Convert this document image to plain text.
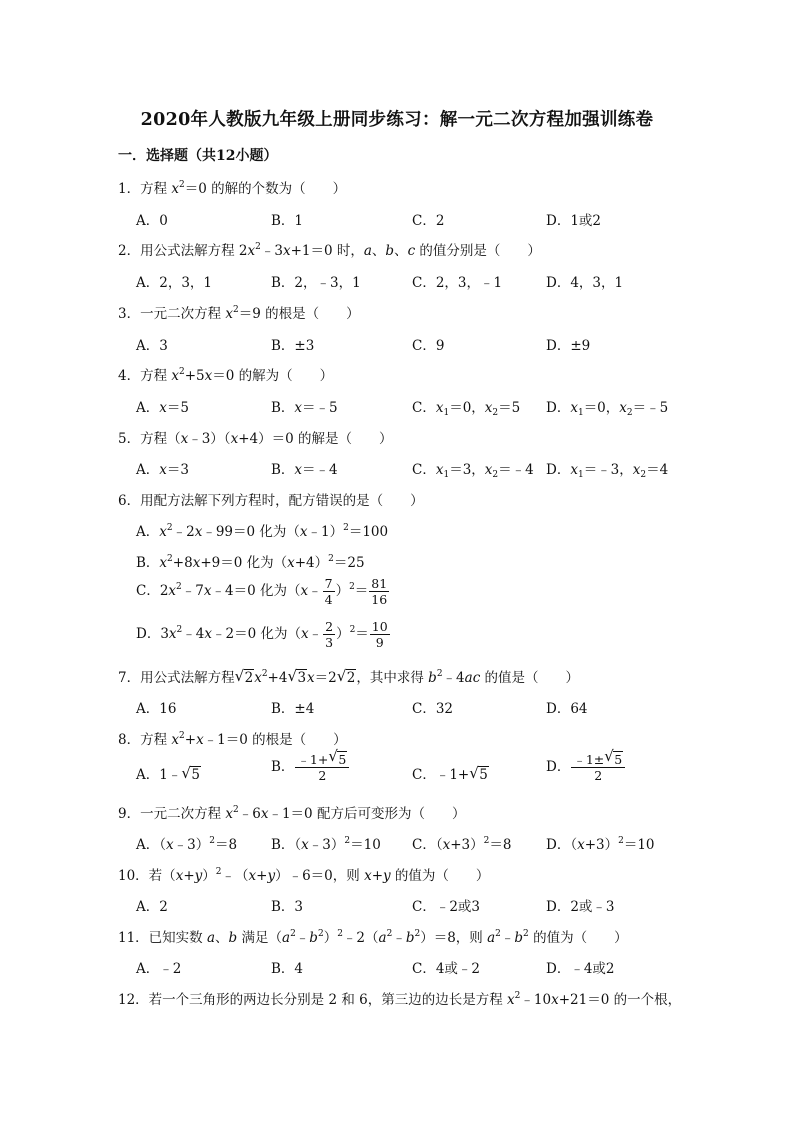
2020年人教版九年级上册同步练习：解一元二次方程加强训练卷
一．选择题（共12小题）
1．方程 $x^2=0$ 的解的个数为（　　）
A．0	B．1	C．2	D．1或2
2．用公式法解方程 $2x^2﹣3x+1=0$ 时，a、b、c 的值分别是（　　）
A．2，3，1	B．2，﹣3，1	C．2，3，﹣1	D．4，3，1
3．一元二次方程 $x^2=9$ 的根是（　　）
A．3	B．±3	C．9	D．±9
4．方程 $x^2+5x=0$ 的解为（　　）
A．x＝5	B．x＝﹣5	C．$x_1=0$，$x_2=5$ D．$x_1=0$，$x_2=﹣5$
5．方程（x﹣3）（x+4）＝0 的解是（　　）
A．x＝3	B．x＝﹣4	C．$x_1=3$，$x_2=﹣4$ D．$x_1=﹣3$，$x_2=4$
6．用配方法解下列方程时，配方错误的是（　　）
A．$x^2﹣2x﹣99=0$ 化为（x﹣1）$^2$＝100
B．$x^2+8x+9=0$ 化为$(x+4)^2=25$
C．$2x^2﹣7x﹣4=0$ 化为（x﹣ $\frac{7}{4} )^2= \frac{81}{16}$
D．$3x^2﹣4x﹣2=0$ 化为（x﹣ $\frac{2}{3} )^2= \frac{10}{9}$
7．用公式法解方程√ $2x^2+4√$ 3x＝2√ 2，其中求得 $b^2﹣4ac$ 的值是（　　）
A．16	B．±4	C．32	D．64
8．方程 $x^2+x﹣1=0$ 的根是（　　）
A．1﹣√ 5	B． $\frac{﹣1+√ 5}{2}$	C．﹣1+√ 5	D． $\frac{﹣1\pm√ 5}{2}$
9．一元二次方程 $x^2﹣6x﹣1=0$ 配方后可变形为（　　）
A．（x﹣3）$^2$＝8	B．（x﹣3）$^2$＝10 C．$(x+3)^2=8$	D．$(x+3)^2=10$
10．若$(x+y)^2﹣(x+y)﹣6=0$，则 x+y 的值为（　　）
A．2	B．3	C．﹣2或3	D．2或﹣3
11．已知实数 a、b 满足$(a^2﹣b^2)^2﹣2(a^2﹣b^2)=8$，则 $a^2﹣b^2$ 的值为（　　）
A．﹣2	B．4	C．4或﹣2	D．﹣4或2
12．若一个三角形的两边长分别是 2 和 6，第三边的边长是方程 $x^2﹣10x+21=0$ 的一个根，
